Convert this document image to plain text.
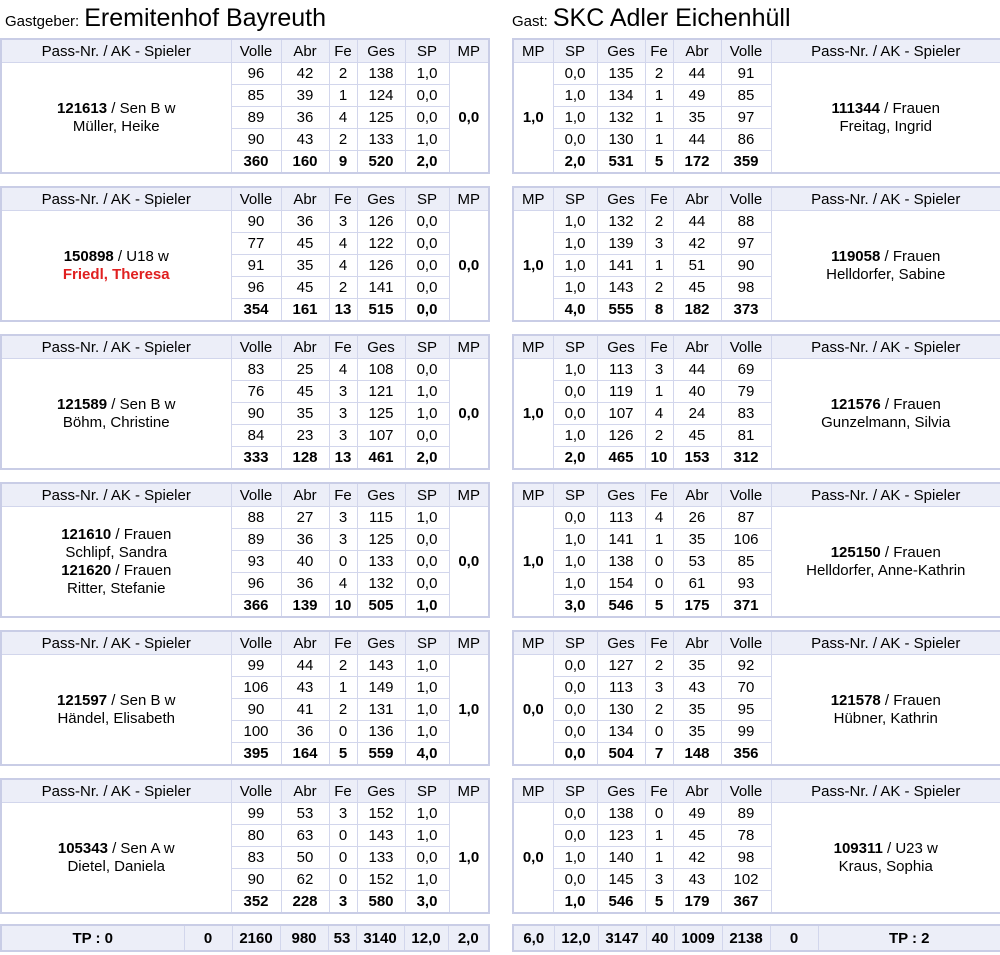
Gastgeber: Eremitenhof Bayreuth	Gast: SKC Adler Eichenhüll
Pass-Nr. / AK - Spieler	Volle	Abr	Fe	Ges	SP	MP

121613 / Sen B w
Müller, Heike	96	42	2	138	1,0	0,0
	85	39	1	124	0,0	
	89	36	4	125	0,0	
	90	43	2	133	1,0	
	360	160	9	520	2,0	
MP	SP	Ges	Fe	Abr	Volle	Pass-Nr. / AK - Spieler
1,0	0,0	135	2	44	91	111344 / Frauen
Freitag, Ingrid

	1,0	134	1	49	85	
	1,0	132	1	35	97	
	0,0	130	1	44	86	
	2,0	531	5	172	359	
Pass-Nr. / AK - Spieler	Volle	Abr	Fe	Ges	SP	MP

150898 / U18 w
Friedl, Theresa	90	36	3	126	0,0	0,0
	77	45	4	122	0,0	
	91	35	4	126	0,0	
	96	45	2	141	0,0	
	354	161	13	515	0,0	
MP	SP	Ges	Fe	Abr	Volle	Pass-Nr. / AK - Spieler
1,0	1,0	132	2	44	88	119058 / Frauen
Helldorfer, Sabine

	1,0	139	3	42	97	
	1,0	141	1	51	90	
	1,0	143	2	45	98	
	4,0	555	8	182	373	
Pass-Nr. / AK - Spieler	Volle	Abr	Fe	Ges	SP	MP

121589 / Sen B w
Böhm, Christine	83	25	4	108	0,0	0,0
	76	45	3	121	1,0	
	90	35	3	125	1,0	
	84	23	3	107	0,0	
	333	128	13	461	2,0	
MP	SP	Ges	Fe	Abr	Volle	Pass-Nr. / AK - Spieler
1,0	1,0	113	3	44	69	121576 / Frauen
Gunzelmann, Silvia

	0,0	119	1	40	79	
	0,0	107	4	24	83	
	1,0	126	2	45	81	
	2,0	465	10	153	312	
Pass-Nr. / AK - Spieler	Volle	Abr	Fe	Ges	SP	MP

121610 / Frauen
Schlipf, Sandra
121620 / Frauen
Ritter, Stefanie	88	27	3	115	1,0	0,0
	89	36	3	125	0,0	
	93	40	0	133	0,0	
	96	36	4	132	0,0	
	366	139	10	505	1,0	
MP	SP	Ges	Fe	Abr	Volle	Pass-Nr. / AK - Spieler
1,0	0,0	113	4	26	87	125150 / Frauen
Helldorfer, Anne-Kathrin

	1,0	141	1	35	106	
	1,0	138	0	53	85	
	1,0	154	0	61	93	
	3,0	546	5	175	371	
Pass-Nr. / AK - Spieler	Volle	Abr	Fe	Ges	SP	MP

121597 / Sen B w
Händel, Elisabeth	99	44	2	143	1,0	1,0
	106	43	1	149	1,0	
	90	41	2	131	1,0	
	100	36	0	136	1,0	
	395	164	5	559	4,0	
MP	SP	Ges	Fe	Abr	Volle	Pass-Nr. / AK - Spieler
0,0	0,0	127	2	35	92	121578 / Frauen
Hübner, Kathrin

	0,0	113	3	43	70	
	0,0	130	2	35	95	
	0,0	134	0	35	99	
	0,0	504	7	148	356	
Pass-Nr. / AK - Spieler	Volle	Abr	Fe	Ges	SP	MP

105343 / Sen A w
Dietel, Daniela	99	53	3	152	1,0	1,0
	80	63	0	143	1,0	
	83	50	0	133	0,0	
	90	62	0	152	1,0	
	352	228	3	580	3,0	
MP	SP	Ges	Fe	Abr	Volle	Pass-Nr. / AK - Spieler
0,0	0,0	138	0	49	89	109311 / U23 w
Kraus, Sophia

	0,0	123	1	45	78	
	1,0	140	1	42	98	
	0,0	145	3	43	102	
	1,0	546	5	179	367	
TP : 0	0	2160	980	53	3140	12,0	2,0	6,0	12,0	3147	40	1009	2138	0	TP : 2
